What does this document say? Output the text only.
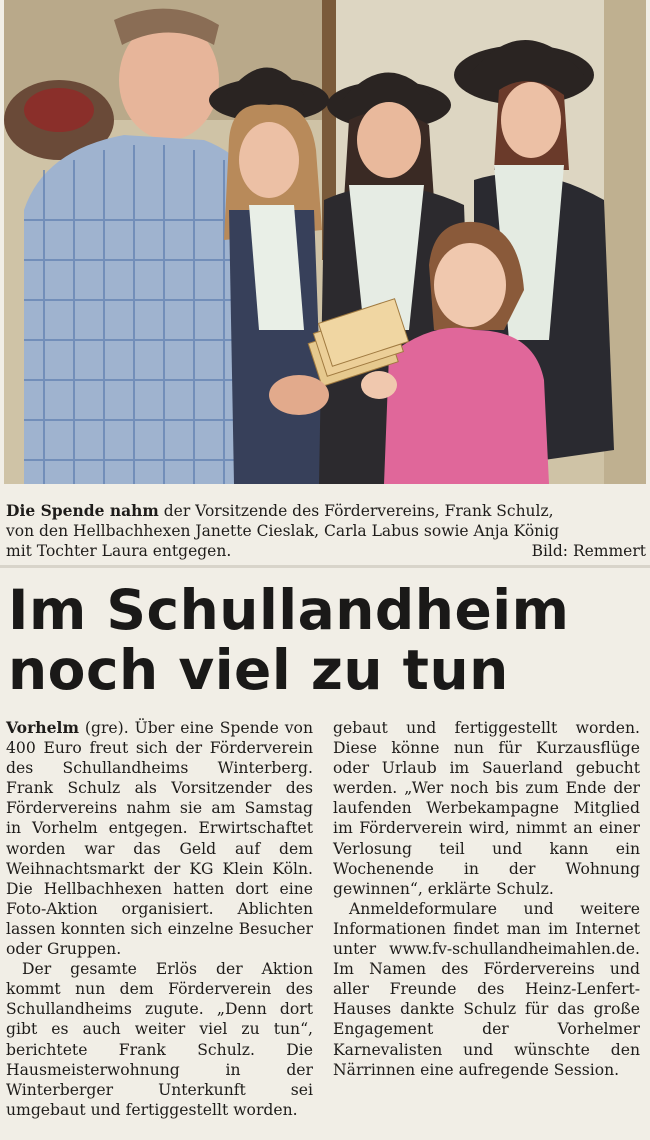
Die Spende nahm der Vorsitzende des Fördervereins, Frank Schulz,
von den Hellbachhexen Janette Cieslak, Carla Labus sowie Anja König
mit Tochter Laura entgegen.	Bild: Remmert
Im Schullandheim
noch viel zu tun

Vorhelm (gre). Über eine Spende von 400 Euro freut sich der Förderverein des Schullandheims Winterberg. Frank Schulz als Vorsitzender des Fördervereins nahm sie am Samstag in Vorhelm entgegen. Erwirtschaftet worden war das Geld auf dem Weihnachtsmarkt der KG Klein Köln. Die Hellbachhexen hatten dort eine Foto-Aktion organisiert. Ablichten lassen konnten sich einzelne Besucher oder Gruppen.

Der gesamte Erlös der Aktion kommt nun dem Förderverein des Schullandheims zugute. „Denn dort gibt es auch weiter viel zu tun“, berichtete Frank Schulz. Die Hausmeisterwohnung in der Winterberger Unterkunft sei umgebaut und fertiggestellt worden.

gebaut und fertiggestellt worden. Diese könne nun für Kurzausflüge oder Urlaub im Sauerland gebucht werden. „Wer noch bis zum Ende der laufenden Werbekampagne Mitglied im Förderverein wird, nimmt an einer Verlosung teil und kann ein Wochenende in der Wohnung gewinnen“, erklärte Schulz.

Anmeldeformulare und weitere Informationen findet man im Internet unter www.fv-schullandheimahlen.de. Im Namen des Fördervereins und aller Freunde des Heinz-Lenfert-Hauses dankte Schulz für das große Engagement der Vorhelmer Karnevalisten und wünschte den Närrinnen eine aufregende Session.
